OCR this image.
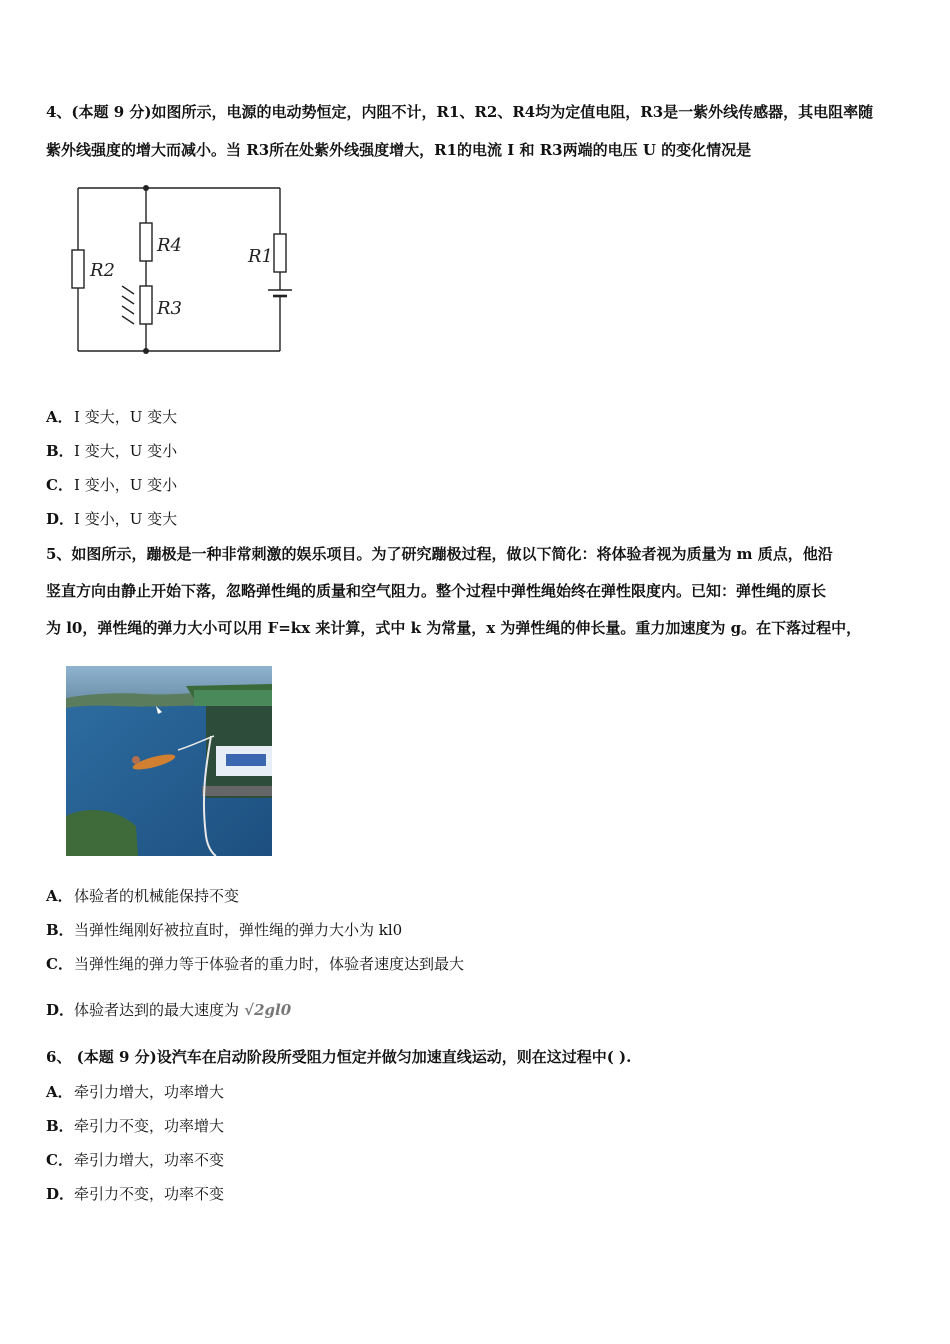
4、(本题 9 分)如图所示，电源的电动势恒定，内阻不计，R1、R2、R4均为定值电阻，R3是一紫外线传感器，其电阻率随
紫外线强度的增大而减小。当 R3所在处紫外线强度增大，R1的电流 I 和 R3两端的电压 U 的变化情况是
R2
R4
R3
R1
A．I 变大，U 变大
B．I 变大，U 变小
C．I 变小，U 变小
D．I 变小，U 变大
5、如图所示，蹦极是一种非常刺激的娱乐项目。为了研究蹦极过程，做以下简化：将体验者视为质量为 m 质点，他沿
竖直方向由静止开始下落，忽略弹性绳的质量和空气阻力。整个过程中弹性绳始终在弹性限度内。已知：弹性绳的原长
为 l0，弹性绳的弹力大小可以用 F=kx 来计算，式中 k 为常量，x 为弹性绳的伸长量。重力加速度为 g。在下落过程中，
A．体验者的机械能保持不变
B．当弹性绳刚好被拉直时，弹性绳的弹力大小为 kl0
C．当弹性绳的弹力等于体验者的重力时，体验者速度达到最大
D．体验者达到的最大速度为 √2gl0
6、 (本题 9 分)设汽车在启动阶段所受阻力恒定并做匀加速直线运动，则在这过程中( ).
A．牵引力增大，功率增大
B．牵引力不变，功率增大
C．牵引力增大，功率不变
D．牵引力不变，功率不变
